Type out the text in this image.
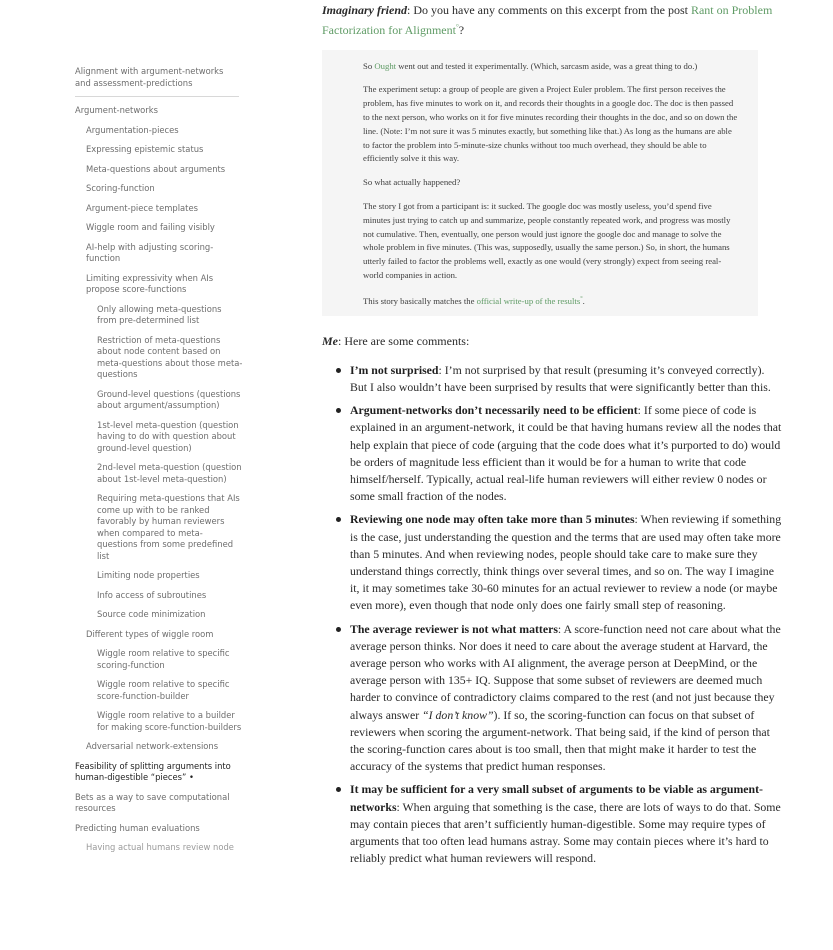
Alignment with argument-networks and assessment-predictions
Argument-networks
Argumentation-pieces
Expressing epistemic status
Meta-questions about arguments
Scoring-function
Argument-piece templates
Wiggle room and failing visibly
AI-help with adjusting scoring-function
Limiting expressivity when AIs propose score-functions
Only allowing meta-questions from pre-determined list
Restriction of meta-questions about node content based on meta-questions about those meta-questions
Ground-level questions (questions about argument/assumption)
1st-level meta-question (question having to do with question about ground-level question)
2nd-level meta-question (question about 1st-level meta-question)
Requiring meta-questions that AIs come up with to be ranked favorably by human reviewers when compared to meta-questions from some predefined list
Limiting node properties
Info access of subroutines
Source code minimization
Different types of wiggle room
Wiggle room relative to specific scoring-function
Wiggle room relative to specific score-function-builder
Wiggle room relative to a builder for making score-function-builders
Adversarial network-extensions
Feasibility of splitting arguments into human-digestible “pieces” •
Bets as a way to save computational resources
Predicting human evaluations
Having actual humans review node

Imaginary friend: Do you have any comments on this excerpt from the post Rant on Problem Factorization for Alignment°?

So Ought went out and tested it experimentally. (Which, sarcasm aside, was a great thing to do.)

The experiment setup: a group of people are given a Project Euler problem. The first person receives the problem, has five minutes to work on it, and records their thoughts in a google doc. The doc is then passed to the next person, who works on it for five minutes recording their thoughts in the doc, and so on down the line. (Note: I’m not sure it was 5 minutes exactly, but something like that.) As long as the humans are able to factor the problem into 5-minute-size chunks without too much overhead, they should be able to efficiently solve it this way.

So what actually happened?

The story I got from a participant is: it sucked. The google doc was mostly useless, you’d spend five minutes just trying to catch up and summarize, people constantly repeated work, and progress was mostly not cumulative. Then, eventually, one person would just ignore the google doc and manage to solve the whole problem in five minutes. (This was, supposedly, usually the same person.) So, in short, the humans utterly failed to factor the problems well, exactly as one would (very strongly) expect from seeing real-world companies in action.

This story basically matches the official write-up of the results°.

Me: Here are some comments:

I’m not surprised: I’m not surprised by that result (presuming it’s conveyed correctly). But I also wouldn’t have been surprised by results that were significantly better than this.
Argument-networks don’t necessarily need to be efficient: If some piece of code is explained in an argument-network, it could be that having humans review all the nodes that help explain that piece of code (arguing that the code does what it’s purported to do) would be orders of magnitude less efficient than it would be for a human to write that code himself/herself. Typically, actual real-life human reviewers will either review 0 nodes or some small fraction of the nodes.
Reviewing one node may often take more than 5 minutes: When reviewing if something is the case, just understanding the question and the terms that are used may often take more than 5 minutes. And when reviewing nodes, people should take care to make sure they understand things correctly, think things over several times, and so on. The way I imagine it, it may sometimes take 30-60 minutes for an actual reviewer to review a node (or maybe even more), even though that node only does one fairly small step of reasoning.
The average reviewer is not what matters: A score-function need not care about what the average person thinks. Nor does it need to care about the average student at Harvard, the average person who works with AI alignment, the average person at DeepMind, or the average person with 135+ IQ. Suppose that some subset of reviewers are deemed much harder to convince of contradictory claims compared to the rest (and not just because they always answer “I don’t know”). If so, the scoring-function can focus on that subset of reviewers when scoring the argument-network. That being said, if the kind of person that the scoring-function cares about is too small, then that might make it harder to test the accuracy of the systems that predict human responses.
It may be sufficient for a very small subset of arguments to be viable as argument-networks: When arguing that something is the case, there are lots of ways to do that. Some may contain pieces that aren’t sufficiently human-digestible. Some may require types of arguments that too often lead humans astray. Some may contain pieces where it’s hard to reliably predict what human reviewers will respond.
